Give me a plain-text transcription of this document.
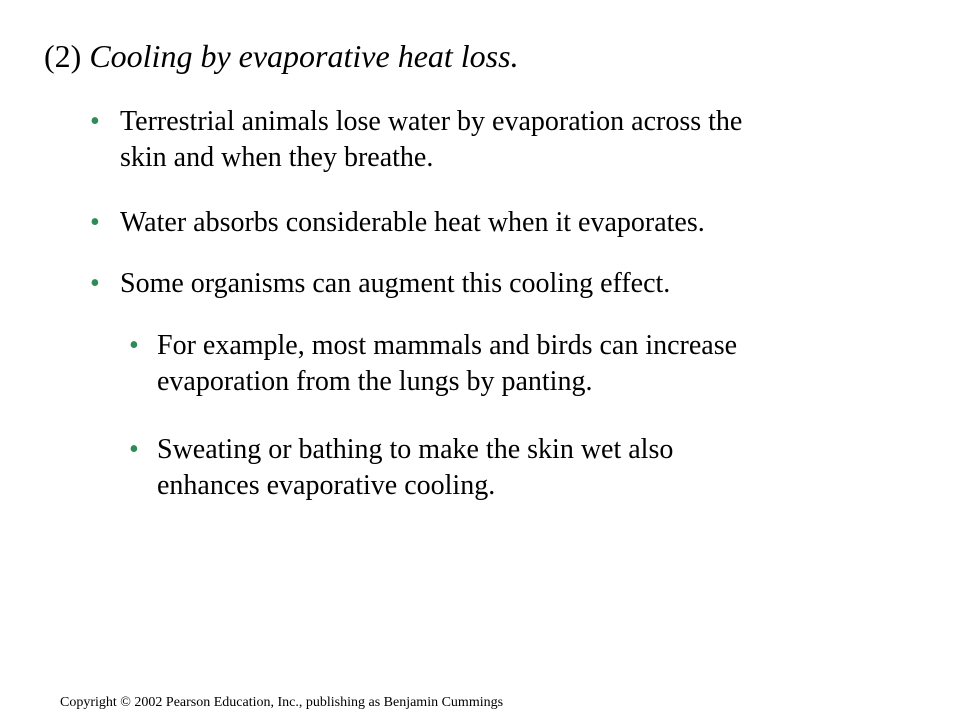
(2) Cooling by evaporative heat loss.
• Terrestrial animals lose water by evaporation across the
skin and when they breathe.
• Water absorbs considerable heat when it evaporates.
• Some organisms can augment this cooling effect.
• For example, most mammals and birds can increase
evaporation from the lungs by panting.
• Sweating or bathing to make the skin wet also
enhances evaporative cooling.
Copyright © 2002 Pearson Education, Inc., publishing as Benjamin Cummings
